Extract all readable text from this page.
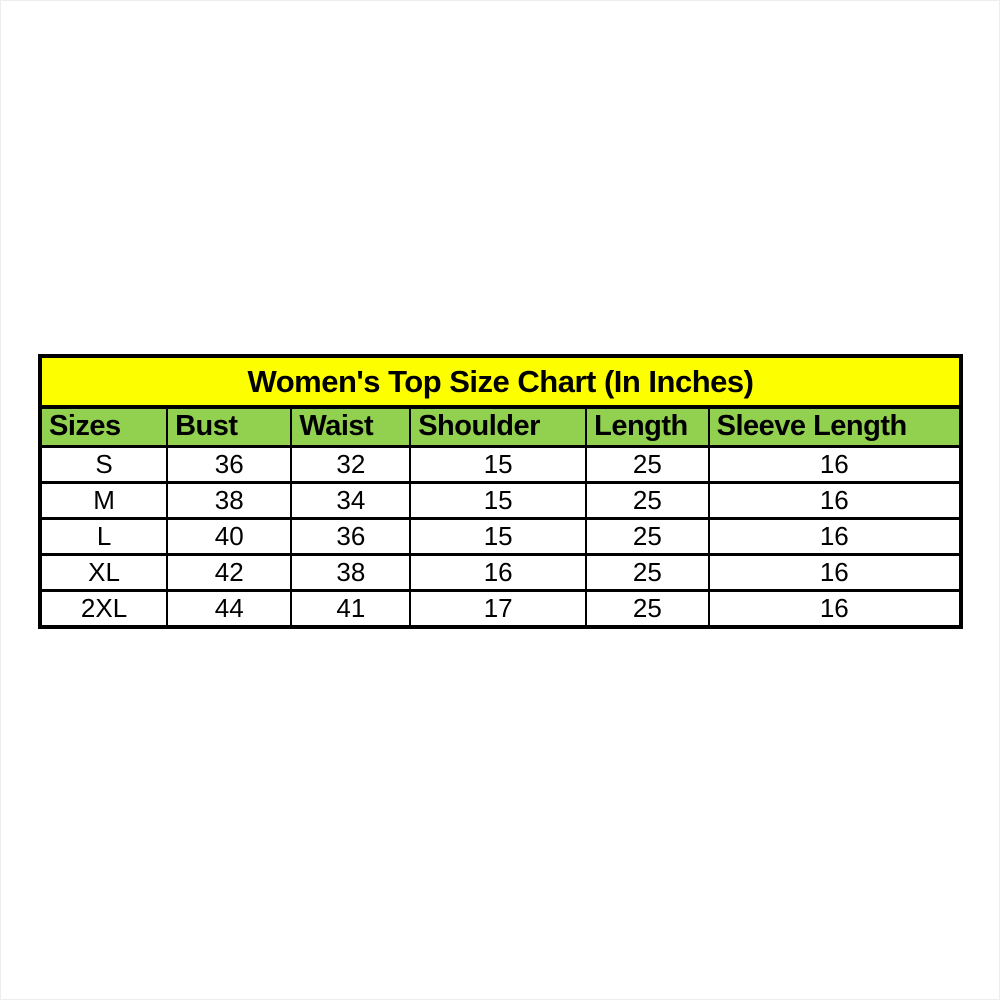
Women's Top Size Chart (In Inches)					
Sizes	Bust	Waist	Shoulder	Length	Sleeve Length
S	36	32	15	25	16
M	38	34	15	25	16
L	40	36	15	25	16
XL	42	38	16	25	16
2XL	44	41	17	25	16
